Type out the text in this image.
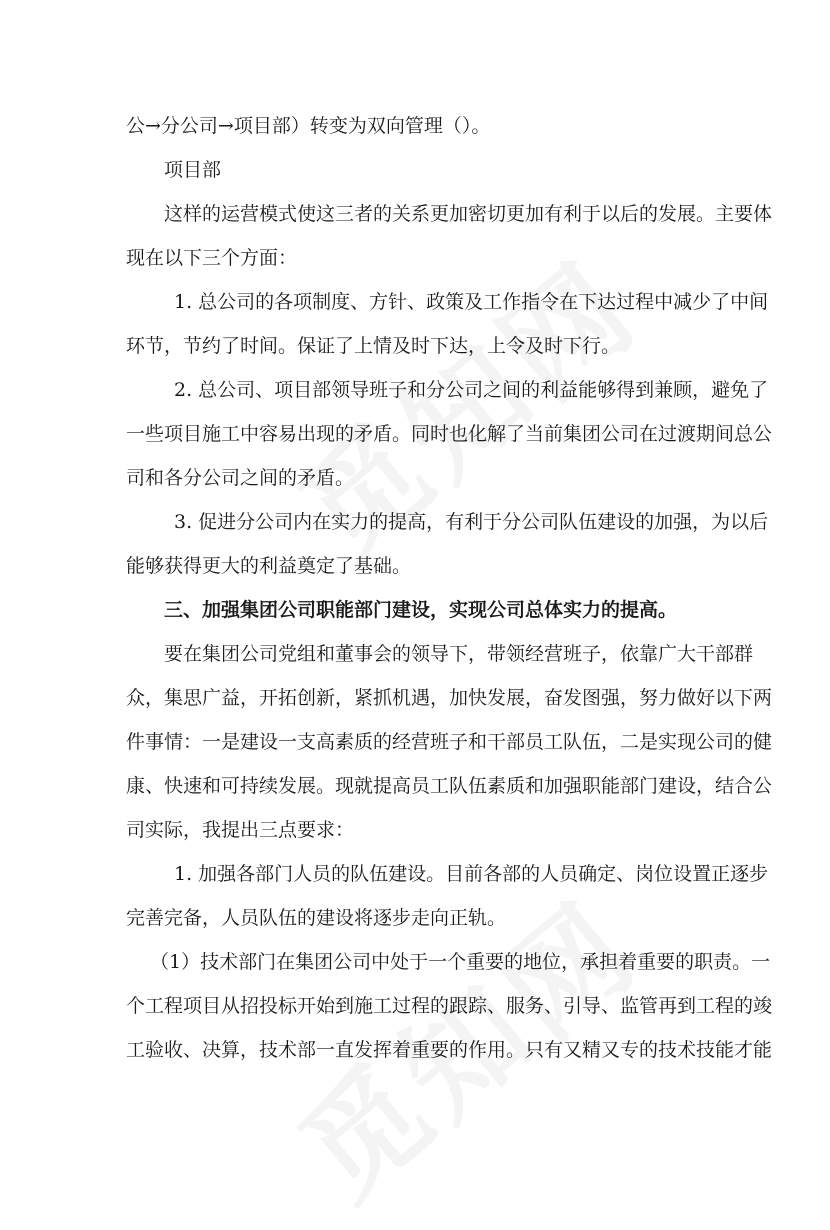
公→分公司→项目部）转变为双向管理（）。
项目部
这样的运营模式使这三者的关系更加密切更加有利于以后的发展。主要体
现在以下三个方面：
1. 总公司的各项制度、方针、政策及工作指令在下达过程中减少了中间
环节，节约了时间。保证了上情及时下达，上令及时下行。
2. 总公司、项目部领导班子和分公司之间的利益能够得到兼顾，避免了
一些项目施工中容易出现的矛盾。同时也化解了当前集团公司在过渡期间总公
司和各分公司之间的矛盾。
3. 促进分公司内在实力的提高，有利于分公司队伍建设的加强，为以后
能够获得更大的利益奠定了基础。
三、加强集团公司职能部门建设，实现公司总体实力的提高。
要在集团公司党组和董事会的领导下，带领经营班子，依靠广大干部群
众，集思广益，开拓创新，紧抓机遇，加快发展，奋发图强，努力做好以下两
件事情：一是建设一支高素质的经营班子和干部员工队伍，二是实现公司的健
康、快速和可持续发展。现就提高员工队伍素质和加强职能部门建设，结合公
司实际，我提出三点要求：
1. 加强各部门人员的队伍建设。目前各部的人员确定、岗位设置正逐步
完善完备，人员队伍的建设将逐步走向正轨。
（1）技术部门在集团公司中处于一个重要的地位，承担着重要的职责。一
个工程项目从招投标开始到施工过程的跟踪、服务、引导、监管再到工程的竣
工验收、决算，技术部一直发挥着重要的作用。只有又精又专的技术技能才能
